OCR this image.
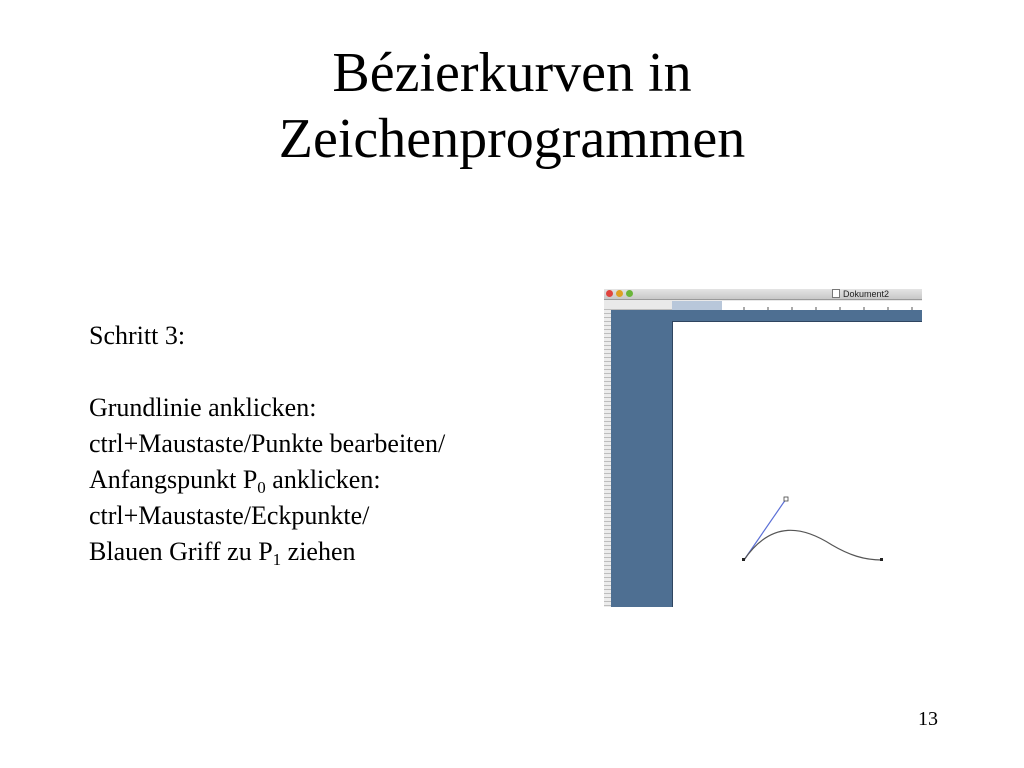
Bézierkurven in
Zeichenprogrammen
Schritt 3:
Grundlinie anklicken:
ctrl+Maustaste/Punkte bearbeiten/
Anfangspunkt $P_0$ anklicken:
ctrl+Maustaste/Eckpunkte/
Blauen Griff zu $P_1$ ziehen
Dokument2
13
